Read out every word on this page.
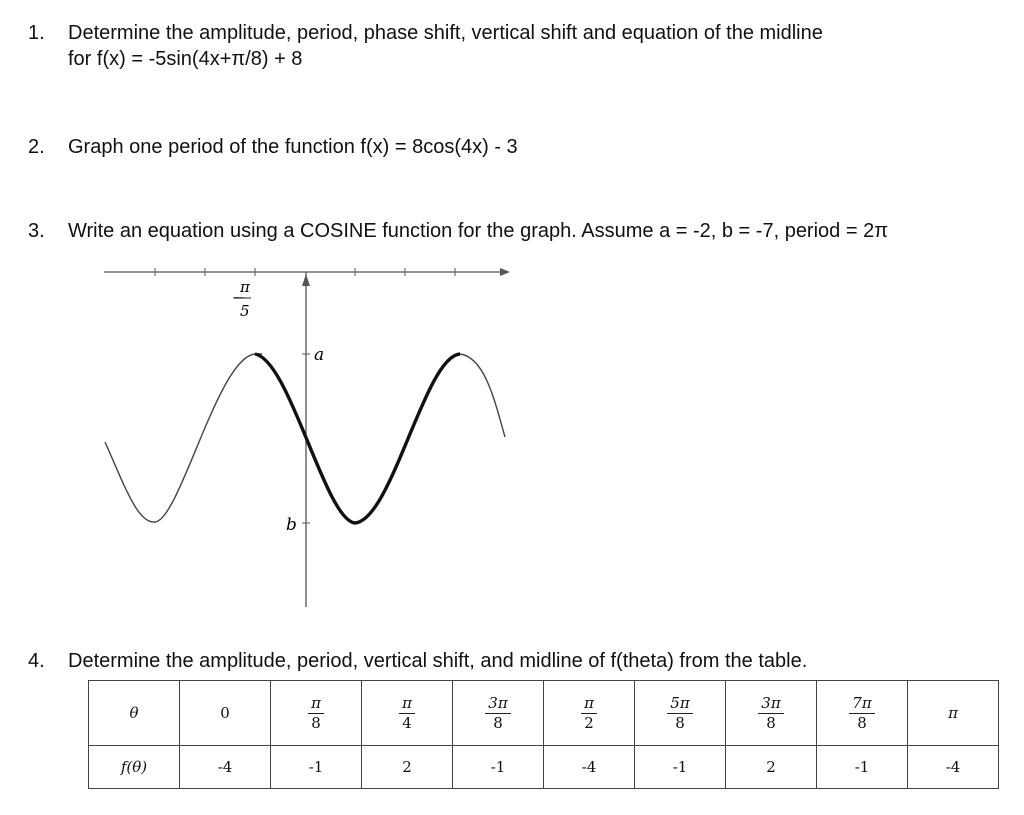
1.	Determine the amplitude, period, phase shift, vertical shift and equation of the midline
for f(x) = -5sin(4x+π/8) + 8
2.	Graph one period of the function f(x) = 8cos(4x) - 3
3.	Write an equation using a COSINE function for the graph. Assume a = -2, b = -7, period = 2π
−
π
5
a
b
4.	Determine the amplitude, period, vertical shift, and midline of f(theta) from the table.
θ	0	$\frac{\pi}{8}$	$\frac{\pi}{4}$	$\frac{3\pi}{8}$	$\frac{\pi}{2}$	$\frac{5\pi}{8}$	$\frac{3\pi}{8}$	$\frac{7\pi}{8}$	π
f(θ)	-4	-1	2	-1	-4	-1	2	-1	-4
